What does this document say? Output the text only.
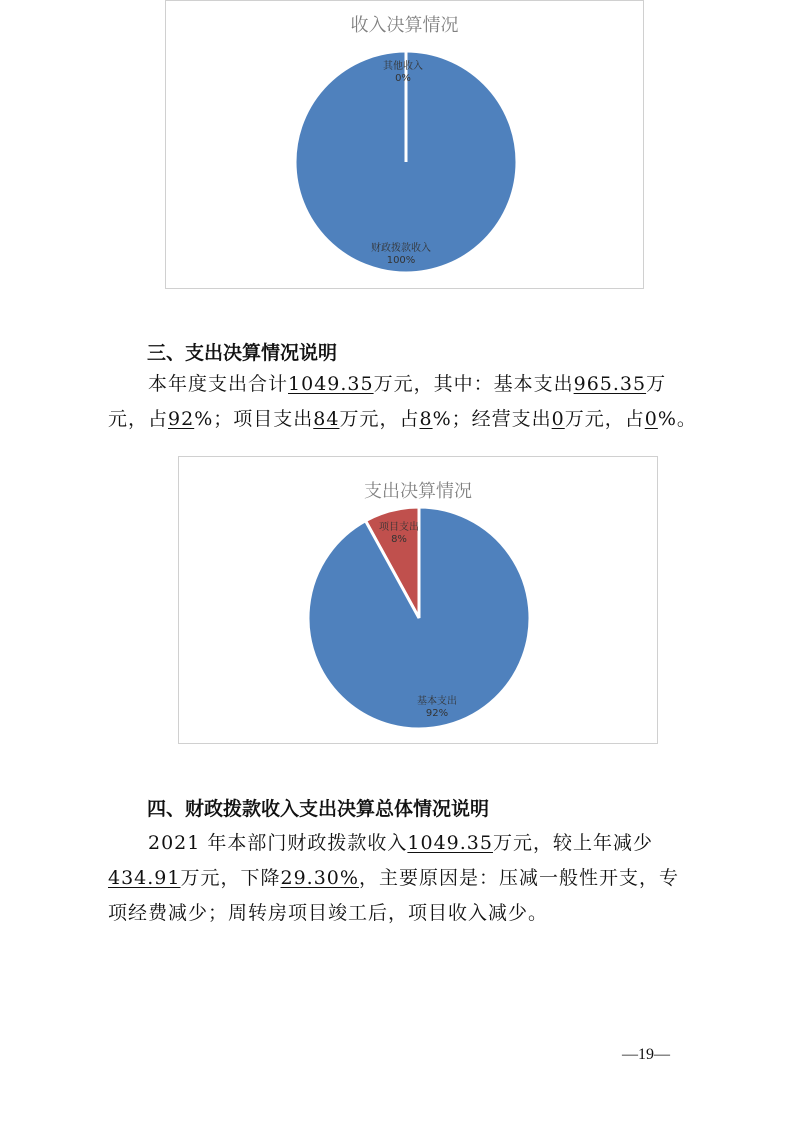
收入决算情况
财政拨款收入
100%
其他收入
0%
三、支出决算情况说明

本年度支出合计1049.35万元，其中：基本支出965.35万元，占92%；项目支出84万元，占8%；经营支出0万元，占0%。

支出决算情况
基本支出
92%
项目支出
8%
四、财政拨款收入支出决算总体情况说明

2021 年本部门财政拨款收入1049.35万元，较上年减少434.91万元，下降29.30%，主要原因是：压减一般性开支，专项经费减少；周转房项目竣工后，项目收入减少。

—19—
